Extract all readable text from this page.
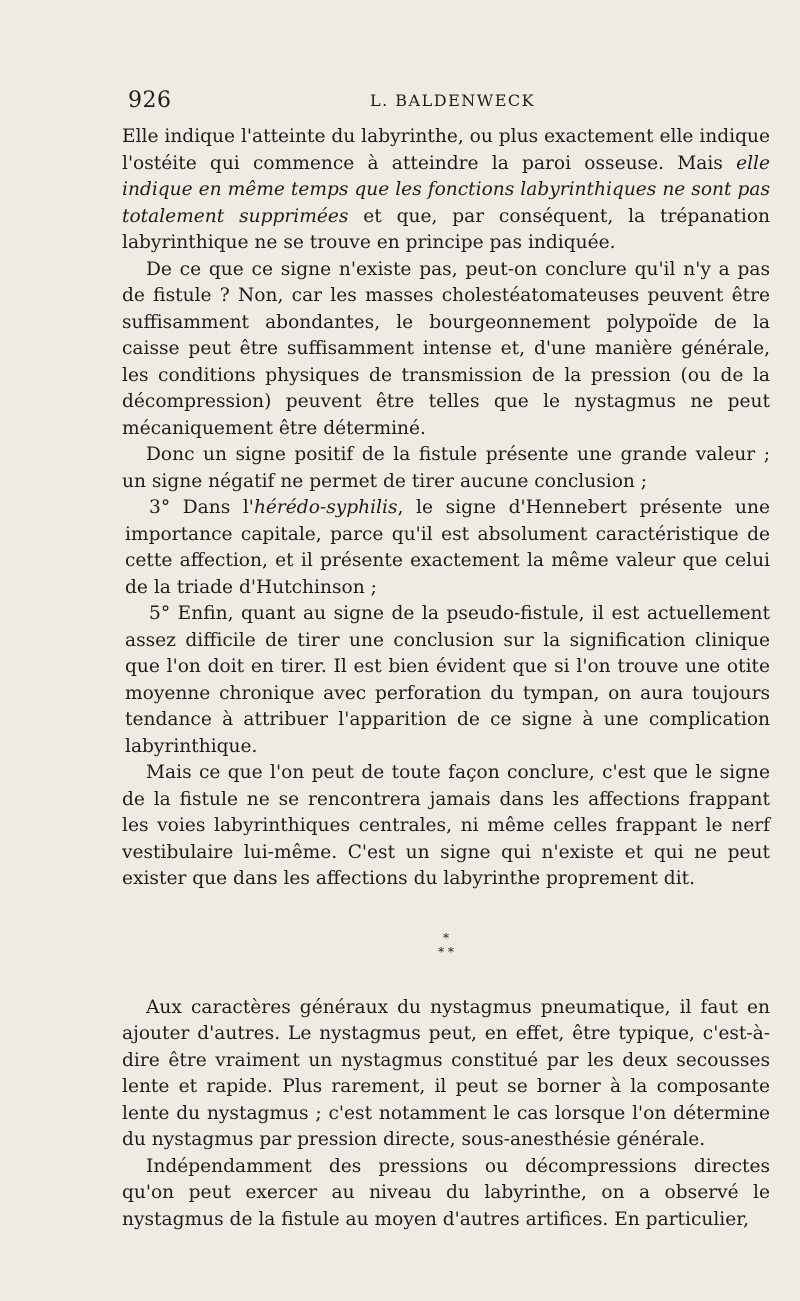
926	L. BALDENWECK

Elle indique l'atteinte du labyrinthe, ou plus exactement elle indique l'ostéite qui commence à atteindre la paroi osseuse. Mais elle indique en même temps que les fonctions labyrinthiques ne sont pas totalement supprimées et que, par conséquent, la trépanation labyrinthique ne se trouve en principe pas indiquée.

De ce que ce signe n'existe pas, peut-on conclure qu'il n'y a pas de fistule ? Non, car les masses cholestéatomateuses peuvent être suffisamment abondantes, le bourgeonnement polypoïde de la caisse peut être suffisamment intense et, d'une manière générale, les conditions physiques de transmission de la pression (ou de la décompression) peuvent être telles que le nystagmus ne peut mécaniquement être déterminé.

Donc un signe positif de la fistule présente une grande valeur ; un signe négatif ne permet de tirer aucune conclusion ;

3° Dans l'hérédo-syphilis, le signe d'Hennebert présente une importance capitale, parce qu'il est absolument caractéristique de cette affection, et il présente exactement la même valeur que celui de la triade d'Hutchinson ;

5° Enfin, quant au signe de la pseudo-fistule, il est actuellement assez difficile de tirer une conclusion sur la signification clinique que l'on doit en tirer. Il est bien évident que si l'on trouve une otite moyenne chronique avec perforation du tympan, on aura toujours tendance à attribuer l'apparition de ce signe à une complication labyrinthique.

Mais ce que l'on peut de toute façon conclure, c'est que le signe de la fistule ne se rencontrera jamais dans les affections frappant les voies labyrinthiques centrales, ni même celles frappant le nerf vestibulaire lui-même. C'est un signe qui n'existe et qui ne peut exister que dans les affections du labyrinthe proprement dit.

*
* *

Aux caractères généraux du nystagmus pneumatique, il faut en ajouter d'autres. Le nystagmus peut, en effet, être typique, c'est-à-dire être vraiment un nystagmus constitué par les deux secousses lente et rapide. Plus rarement, il peut se borner à la composante lente du nystagmus ; c'est notamment le cas lorsque l'on détermine du nystagmus par pression directe, sous-anesthésie générale.

Indépendamment des pressions ou décompressions directes qu'on peut exercer au niveau du labyrinthe, on a observé le nystagmus de la fistule au moyen d'autres artifices. En particulier,
